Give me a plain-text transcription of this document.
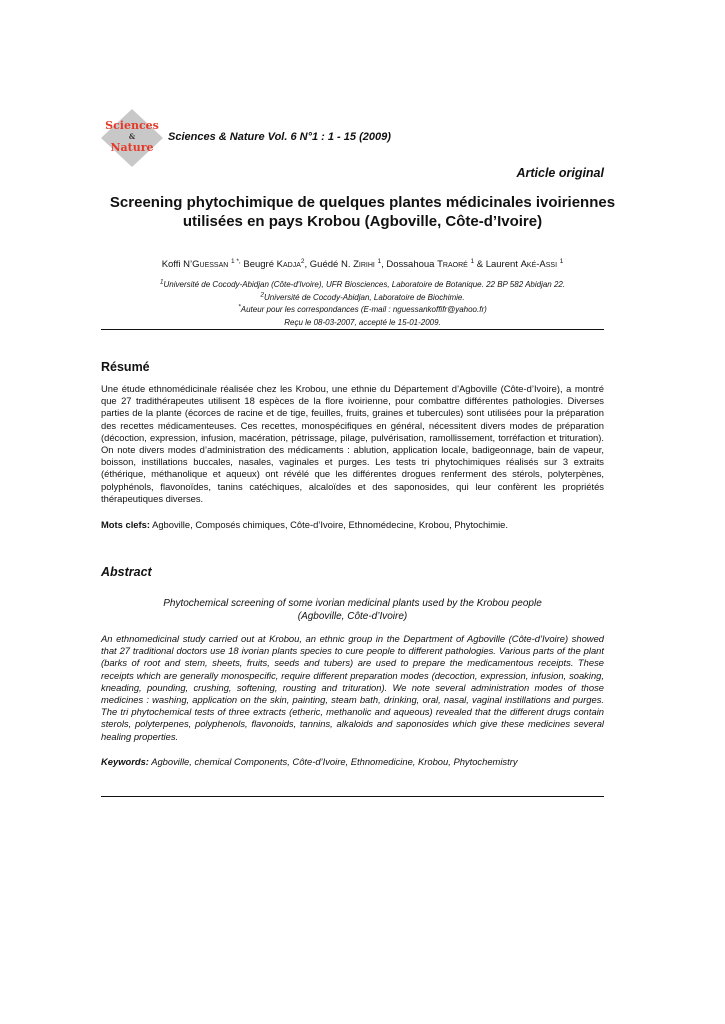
Sciences
&
Nature
Sciences & Nature Vol. 6 N°1 : 1 - 15 (2009)
Article original
Screening phytochimique de quelques plantes médicinales ivoiriennes
utilisées en pays Krobou (Agboville, Côte-d’Ivoire)
Koffi N’Guessan $^{1 *,}$ Beugré Kadja$^2$, Guédé N. Zirihi $^1$, Dossahoua Traoré $^1$ & Laurent Aké-Assi $^1$
$^1$Université de Cocody-Abidjan (Côte-d'Ivoire), UFR Biosciences, Laboratoire de Botanique. 22 BP 582 Abidjan 22.
$^2$Université de Cocody-Abidjan, Laboratoire de Biochimie.
*Auteur pour les correspondances (E-mail : nguessankoffifr@yahoo.fr)
Reçu le 08-03-2007, accepté le 15-01-2009.
Résumé
Une étude ethnomédicinale réalisée chez les Krobou, une ethnie du Département d’Agboville (Côte-d’Ivoire), a montré que 27 tradithérapeutes utilisent 18 espèces de la flore ivoirienne, pour combattre différentes pathologies. Diverses parties de la plante (écorces de racine et de tige, feuilles, fruits, graines et tubercules) sont utilisées pour la préparation des recettes médicamenteuses. Ces recettes, monospécifiques en général, nécessitent divers modes de préparation (décoction, expression, infusion, macération, pétrissage, pilage, pulvérisation, ramollissement, torréfaction et trituration). On note divers modes d’administration des médicaments : ablution, application locale, badigeonnage, bain de vapeur, boisson, instillations buccales, nasales, vaginales et purges. Les tests tri phytochimiques réalisés sur 3 extraits (éthérique, méthanolique et aqueux) ont révélé que les différentes drogues renferment des stérols, polyterpènes, polyphénols, flavonoïdes, tanins catéchiques, alcaloïdes et des saponosides, qui leur confèrent les propriétés thérapeutiques diverses.
Mots clefs: Agboville, Composés chimiques, Côte-d’Ivoire, Ethnomédecine, Krobou, Phytochimie.
Abstract
Phytochemical screening of some ivorian medicinal plants used by the Krobou people
(Agboville, Côte-d’Ivoire)
An ethnomedicinal study carried out at Krobou, an ethnic group in the Department of Agboville (Côte-d’Ivoire) showed that 27 traditional doctors use 18 ivorian plants species to cure people to different pathologies. Various parts of the plant (barks of root and stem, sheets, fruits, seeds and tubers) are used to prepare the medicamentous receipts. These receipts which are generally monospecific, require different preparation modes (decoction, expression, infusion, soaking, kneading, pounding, crushing, softening, rousting and trituration). We note several administration modes of those medicines : washing, application on the skin, painting, steam bath, drinking, oral, nasal, vaginal instillations and purges. The tri phytochemical tests of three extracts (etheric, methanolic and aqueous) revealed that the different drugs contain sterols, polyterpenes, polyphenols, flavonoids, tannins, alkaloids and saponosides which give these medicines several healing properties.
Keywords: Agboville, chemical Components, Côte-d’Ivoire, Ethnomedicine, Krobou, Phytochemistry
